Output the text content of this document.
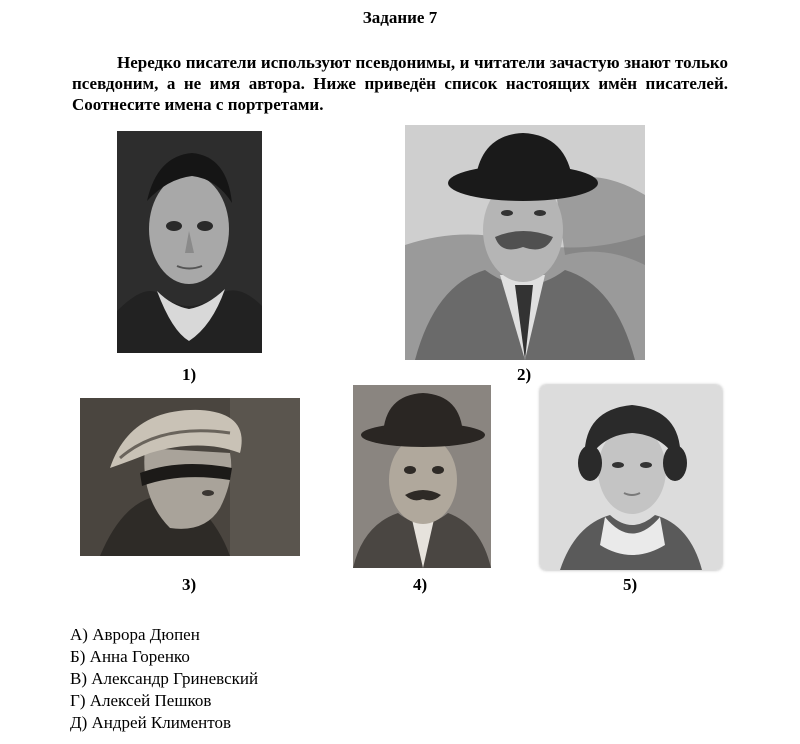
Задание 7
Нередко писатели используют псевдонимы, и читатели зачастую знают только псевдоним, а не имя автора. Ниже приведён список настоящих имён писателей. Соотнесите имена с портретами.
1)	2)
3)	4)	5)
А) Аврора Дюпен
Б) Анна Горенко
В) Александр Гриневский
Г) Алексей Пешков
Д) Андрей Климентов
